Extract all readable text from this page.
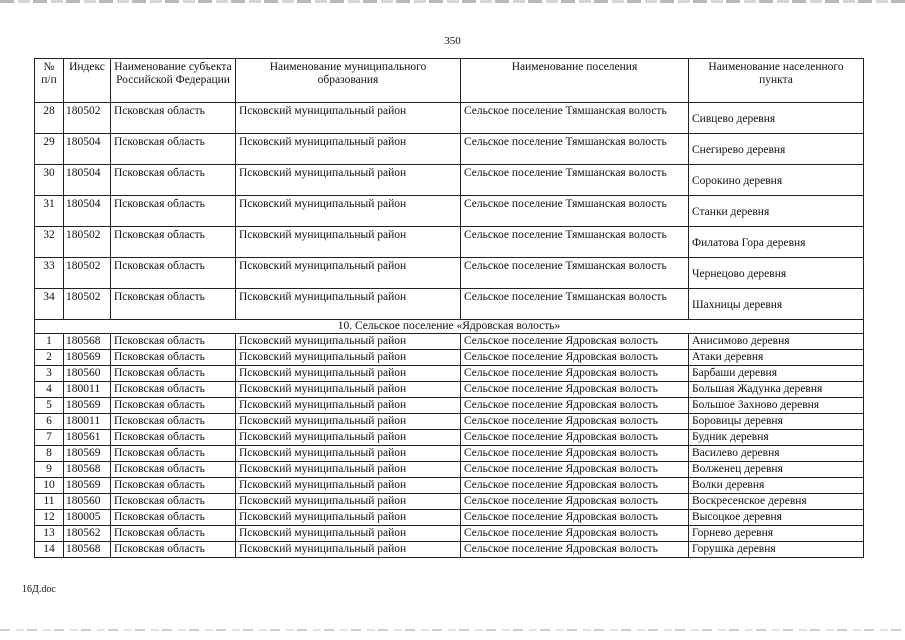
350
№ п/п	Индекс	Наименование субъекта Российской Федерации	Наименование муниципального образования	Наименование поселения	Наименование населенного пункта
28	180502	Псковская область	Псковский муниципальный район	Сельское поселение Тямшанская волость	Сивцево деревня
29	180504	Псковская область	Псковский муниципальный район	Сельское поселение Тямшанская волость	Снегирево деревня
30	180504	Псковская область	Псковский муниципальный район	Сельское поселение Тямшанская волость	Сорокино деревня
31	180504	Псковская область	Псковский муниципальный район	Сельское поселение Тямшанская волость	Станки деревня
32	180502	Псковская область	Псковский муниципальный район	Сельское поселение Тямшанская волость	Филатова Гора деревня
33	180502	Псковская область	Псковский муниципальный район	Сельское поселение Тямшанская волость	Чернецово деревня
34	180502	Псковская область	Псковский муниципальный район	Сельское поселение Тямшанская волость	Шахницы деревня
10. Сельское поселение «Ядровская волость»					
1	180568	Псковская область	Псковский муниципальный район	Сельское поселение Ядровская волость	Анисимово деревня
2	180569	Псковская область	Псковский муниципальный район	Сельское поселение Ядровская волость	Атаки деревня
3	180560	Псковская область	Псковский муниципальный район	Сельское поселение Ядровская волость	Барбаши деревня
4	180011	Псковская область	Псковский муниципальный район	Сельское поселение Ядровская волость	Большая Жадунка деревня
5	180569	Псковская область	Псковский муниципальный район	Сельское поселение Ядровская волость	Большое Захново деревня
6	180011	Псковская область	Псковский муниципальный район	Сельское поселение Ядровская волость	Боровицы деревня
7	180561	Псковская область	Псковский муниципальный район	Сельское поселение Ядровская волость	Будник деревня
8	180569	Псковская область	Псковский муниципальный район	Сельское поселение Ядровская волость	Василево деревня
9	180568	Псковская область	Псковский муниципальный район	Сельское поселение Ядровская волость	Волженец деревня
10	180569	Псковская область	Псковский муниципальный район	Сельское поселение Ядровская волость	Волки деревня
11	180560	Псковская область	Псковский муниципальный район	Сельское поселение Ядровская волость	Воскресенское деревня
12	180005	Псковская область	Псковский муниципальный район	Сельское поселение Ядровская волость	Высоцкое деревня
13	180562	Псковская область	Псковский муниципальный район	Сельское поселение Ядровская волость	Горнево деревня
14	180568	Псковская область	Псковский муниципальный район	Сельское поселение Ядровская волость	Горушка деревня
16Д.doc
